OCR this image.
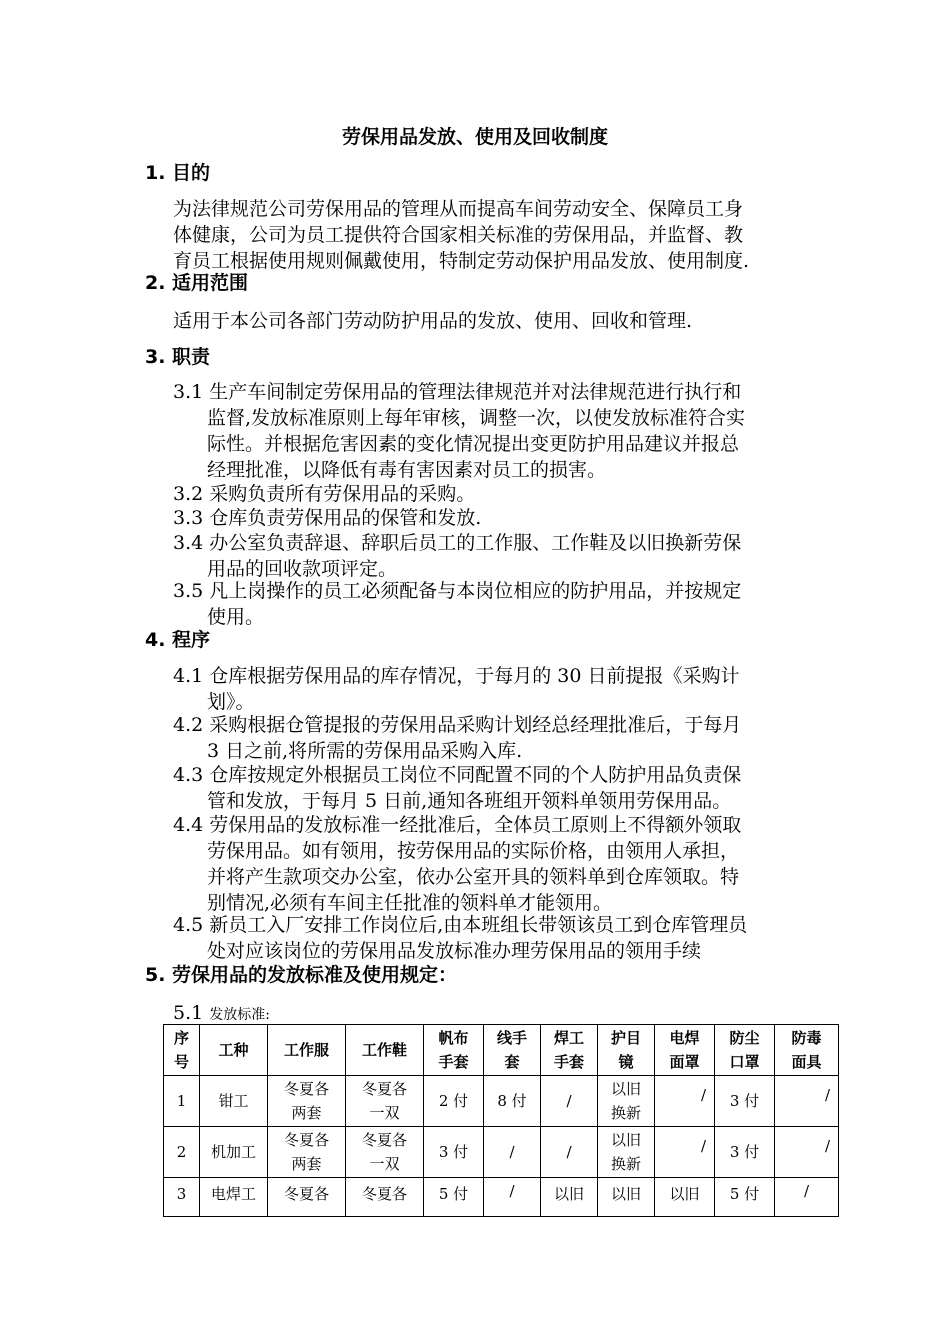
劳保用品发放、使用及回收制度
1. 目的
为法律规范公司劳保用品的管理从而提高车间劳动安全、保障员工身
体健康，公司为员工提供符合国家相关标准的劳保用品，并监督、教
育员工根据使用规则佩戴使用，特制定劳动保护用品发放、使用制度.
2. 适用范围
适用于本公司各部门劳动防护用品的发放、使用、回收和管理.
3. 职责
3.1 生产车间制定劳保用品的管理法律规范并对法律规范进行执行和
监督,发放标准原则上每年审核，调整一次，以使发放标准符合实
际性。并根据危害因素的变化情况提出变更防护用品建议并报总
经理批准，以降低有毒有害因素对员工的损害。
3.2 采购负责所有劳保用品的采购。
3.3 仓库负责劳保用品的保管和发放.
3.4 办公室负责辞退、辞职后员工的工作服、工作鞋及以旧换新劳保
用品的回收款项评定。
3.5 凡上岗操作的员工必须配备与本岗位相应的防护用品，并按规定
使用。
4. 程序
4.1 仓库根据劳保用品的库存情况，于每月的 30 日前提报《采购计
划》。
4.2 采购根据仓管提报的劳保用品采购计划经总经理批准后，于每月
3 日之前,将所需的劳保用品采购入库.
4.3 仓库按规定外根据员工岗位不同配置不同的个人防护用品负责保
管和发放，于每月 5 日前,通知各班组开领料单领用劳保用品。
4.4 劳保用品的发放标准一经批准后，全体员工原则上不得额外领取
劳保用品。如有领用，按劳保用品的实际价格，由领用人承担，
并将产生款项交办公室，依办公室开具的领料单到仓库领取。特
别情况,必须有车间主任批准的领料单才能领用。
4.5 新员工入厂安排工作岗位后,由本班组长带领该员工到仓库管理员
处对应该岗位的劳保用品发放标准办理劳保用品的领用手续
5. 劳保用品的发放标准及使用规定：
5.1 发放标准:
序
号	工种	工作服	工作鞋	帆布
手套	线手
套	焊工
手套	护目
镜	电焊
面罩	防尘
口罩	防毒
面具
1	钳工	冬夏各
两套	冬夏各
一双	2 付	8 付	/	以旧
换新	/	3 付	/

2	机加工	冬夏各
两套	冬夏各
一双	3 付	/	/	以旧
换新	/	3 付	/

3	电焊工	冬夏各	冬夏各	5 付	/	以旧	以旧	以旧	5 付	/
